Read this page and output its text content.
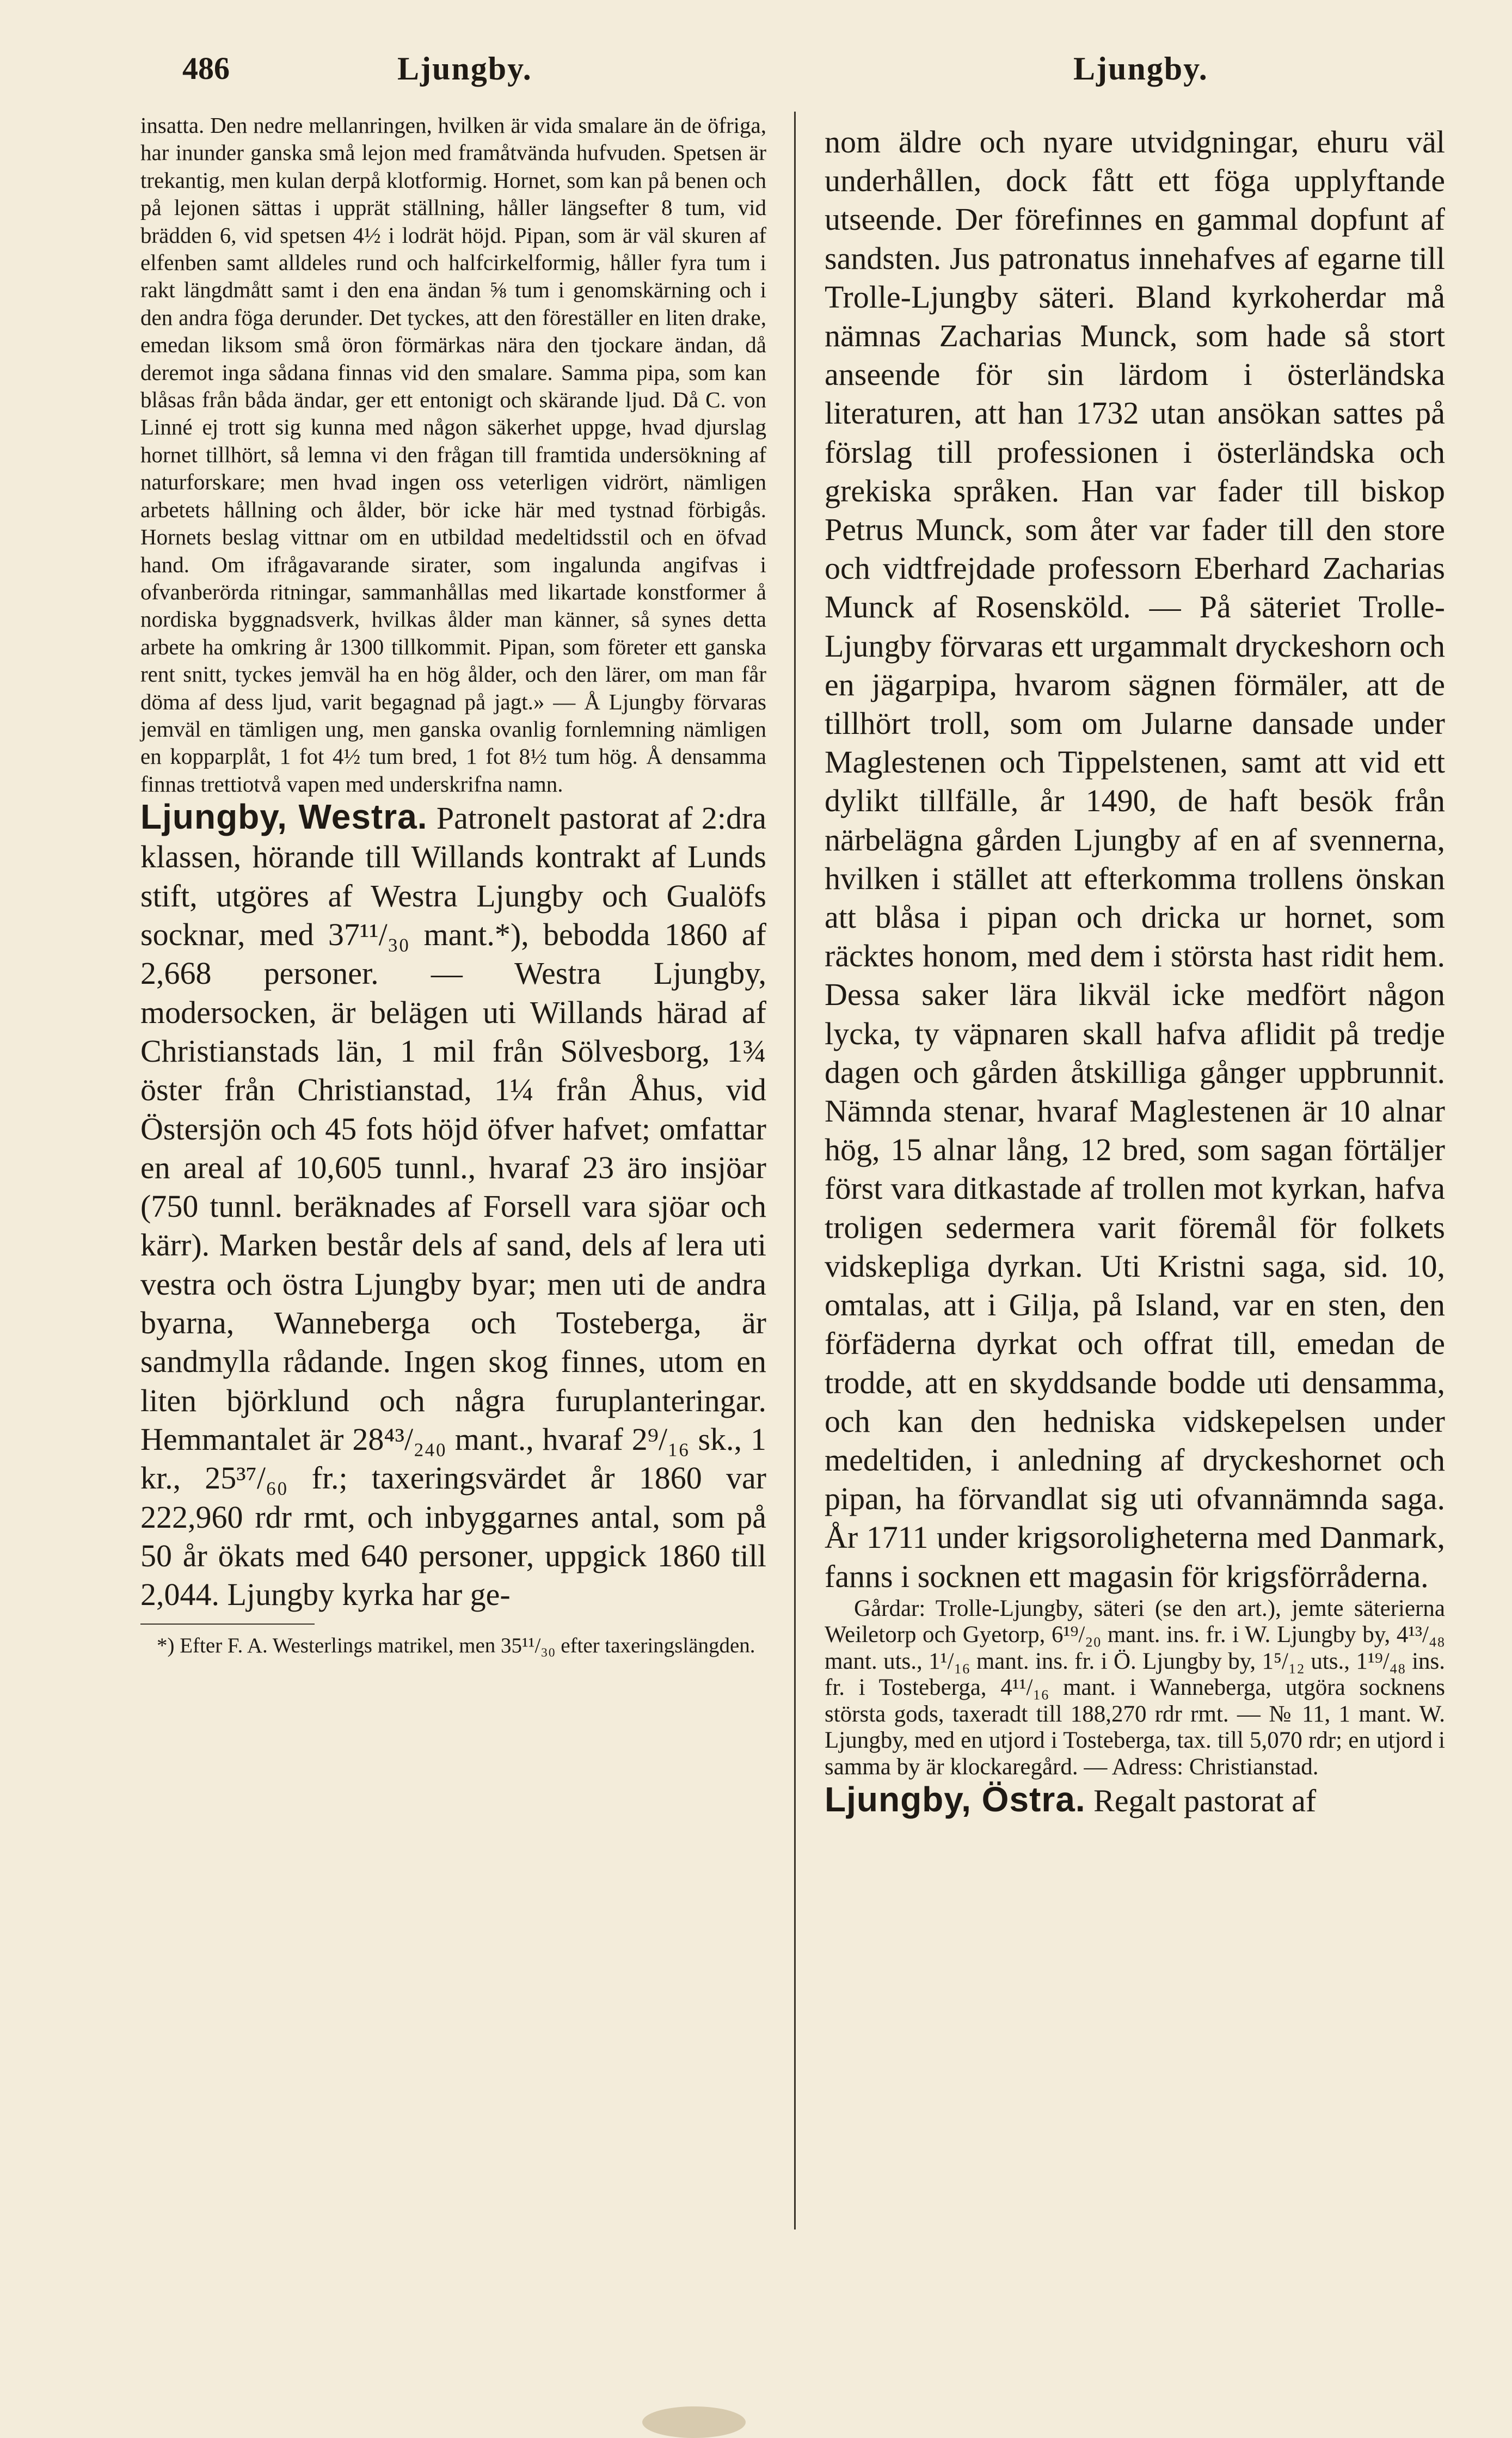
486	Ljungby.	Ljungby.

insatta. Den nedre mellanringen, hvilken är vida smalare än de öfriga, har inunder ganska små lejon med framåtvända hufvuden. Spetsen är trekantig, men kulan derpå klotformig. Hornet, som kan på benen och på lejonen sättas i upprät ställning, håller längsefter 8 tum, vid brädden 6, vid spetsen 4½ i lodrät höjd. Pipan, som är väl skuren af elfenben samt alldeles rund och halfcirkelformig, håller fyra tum i rakt längdmått samt i den ena ändan ⅝ tum i genomskärning och i den andra föga derunder. Det tyckes, att den föreställer en liten drake, emedan liksom små öron förmärkas nära den tjockare ändan, då deremot inga sådana finnas vid den smalare. Samma pipa, som kan blåsas från båda ändar, ger ett entonigt och skärande ljud. Då C. von Linné ej trott sig kunna med någon säkerhet uppge, hvad djurslag hornet tillhört, så lemna vi den frågan till framtida undersökning af naturforskare; men hvad ingen oss veterligen vidrört, nämligen arbetets hållning och ålder, bör icke här med tystnad förbigås. Hornets beslag vittnar om en utbildad medeltidsstil och en öfvad hand. Om ifrågavarande sirater, som ingalunda angifvas i ofvanberörda ritningar, sammanhållas med likartade konstformer å nordiska byggnadsverk, hvilkas ålder man känner, så synes detta arbete ha omkring år 1300 tillkommit. Pipan, som företer ett ganska rent snitt, tyckes jemväl ha en hög ålder, och den lärer, om man får döma af dess ljud, varit begagnad på jagt.» — Å Ljungby förvaras jemväl en tämligen ung, men ganska ovanlig fornlemning nämligen en kopparplåt, 1 fot 4½ tum bred, 1 fot 8½ tum hög. Å densamma finnas trettiotvå vapen med underskrifna namn.

Ljungby, Westra. Patronelt pastorat af 2:dra klassen, hörande till Willands kontrakt af Lunds stift, utgöres af Westra Ljungby och Gualöfs socknar, med 37¹¹/₃₀ mant.*), bebodda 1860 af 2,668 personer. — Westra Ljungby, modersocken, är belägen uti Willands härad af Christianstads län, 1 mil från Sölvesborg, 1¾ öster från Christianstad, 1¼ från Åhus, vid Östersjön och 45 fots höjd öfver hafvet; omfattar en areal af 10,605 tunnl., hvaraf 23 äro insjöar (750 tunnl. beräknades af Forsell vara sjöar och kärr). Marken består dels af sand, dels af lera uti vestra och östra Ljungby byar; men uti de andra byarna, Wanneberga och Tosteberga, är sandmylla rådande. Ingen skog finnes, utom en liten björklund och några furuplanteringar. Hemmantalet är 28⁴³/₂₄₀ mant., hvaraf 2⁹/₁₆ sk., 1 kr., 25³⁷/₆₀ fr.; taxeringsvärdet år 1860 var 222,960 rdr rmt, och inbyggarnes antal, som på 50 år ökats med 640 personer, uppgick 1860 till 2,044. Ljungby kyrka har ge-

*) Efter F. A. Westerlings matrikel, men 35¹¹/₃₀ efter taxeringslängden.

nom äldre och nyare utvidgningar, ehuru väl underhållen, dock fått ett föga upplyftande utseende. Der förefinnes en gammal dopfunt af sandsten. Jus patronatus innehafves af egarne till Trolle-Ljungby säteri. Bland kyrkoherdar må nämnas Zacharias Munck, som hade så stort anseende för sin lärdom i österländska literaturen, att han 1732 utan ansökan sattes på förslag till professionen i österländska och grekiska språken. Han var fader till biskop Petrus Munck, som åter var fader till den store och vidtfrejdade professorn Eberhard Zacharias Munck af Rosensköld. — På säteriet Trolle-Ljungby förvaras ett urgammalt dryckeshorn och en jägarpipa, hvarom sägnen förmäler, att de tillhört troll, som om Jularne dansade under Maglestenen och Tippelstenen, samt att vid ett dylikt tillfälle, år 1490, de haft besök från närbelägna gården Ljungby af en af svennerna, hvilken i stället att efterkomma trollens önskan att blåsa i pipan och dricka ur hornet, som räcktes honom, med dem i största hast ridit hem. Dessa saker lära likväl icke medfört någon lycka, ty väpnaren skall hafva aflidit på tredje dagen och gården åtskilliga gånger uppbrunnit. Nämnda stenar, hvaraf Maglestenen är 10 alnar hög, 15 alnar lång, 12 bred, som sagan förtäljer först vara ditkastade af trollen mot kyrkan, hafva troligen sedermera varit föremål för folkets vidskepliga dyrkan. Uti Kristni saga, sid. 10, omtalas, att i Gilja, på Island, var en sten, den förfäderna dyrkat och offrat till, emedan de trodde, att en skyddsande bodde uti densamma, och kan den hedniska vidskepelsen under medeltiden, i anledning af dryckeshornet och pipan, ha förvandlat sig uti ofvannämnda saga. År 1711 under krigsoroligheterna med Danmark, fanns i socknen ett magasin för krigsförråderna.

Gårdar: Trolle-Ljungby, säteri (se den art.), jemte säterierna Weiletorp och Gyetorp, 6¹⁹/₂₀ mant. ins. fr. i W. Ljungby by, 4¹³/₄₈ mant. uts., 1¹/₁₆ mant. ins. fr. i Ö. Ljungby by, 1⁵/₁₂ uts., 1¹⁹/₄₈ ins. fr. i Tosteberga, 4¹¹/₁₆ mant. i Wanneberga, utgöra socknens största gods, taxeradt till 188,270 rdr rmt. — № 11, 1 mant. W. Ljungby, med en utjord i Tosteberga, tax. till 5,070 rdr; en utjord i samma by är klockaregård. — Adress: Christianstad.

Ljungby, Östra. Regalt pastorat af
